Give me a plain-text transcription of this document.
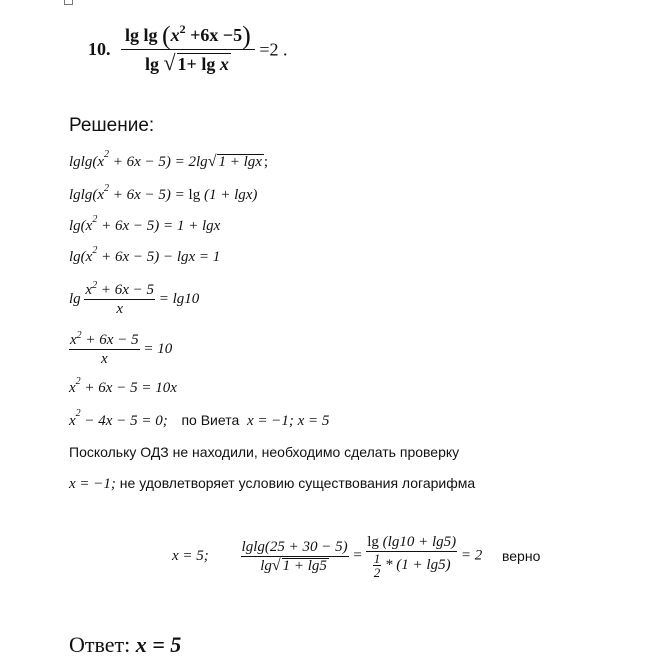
10. $\frac{\lg \lg (x^2 +6x -5)}{\text{lg √ 1+ lg x}} =2$ .
Решение:
$lglg(x^2 + 6x - 5) = 2\lg√$ 1 + lgx ;
$lglg(x^2 + 6x - 5) = \lg (1 + \lg x)$
$\lg(x^2 + 6x - 5) = 1 + \lg x$
$\lg(x^2 + 6x - 5) - \lg x = 1$
$\lg \frac{x^2 + 6x - 5}{x} = \lg 10$
$\frac{x^2 + 6x - 5}{x} = 10$
$x^2 + 6x - 5 = 10x$
$x^2 - 4x - 5 = 0$; по Виета x = −1; x = 5
Поскольку ОДЗ не находили, необходимо сделать проверку
x = −1; не удовлетворяет условию существования логарифма
x = 5; $\frac{lglg(25 + 30 - 5)}{\lg√ 1 + \lg 5} = \frac{\lg (\lg 10 + \lg 5)}{\frac{1}{2} * (1 + \lg 5)} = 2$ верно
Ответ: x = 5
